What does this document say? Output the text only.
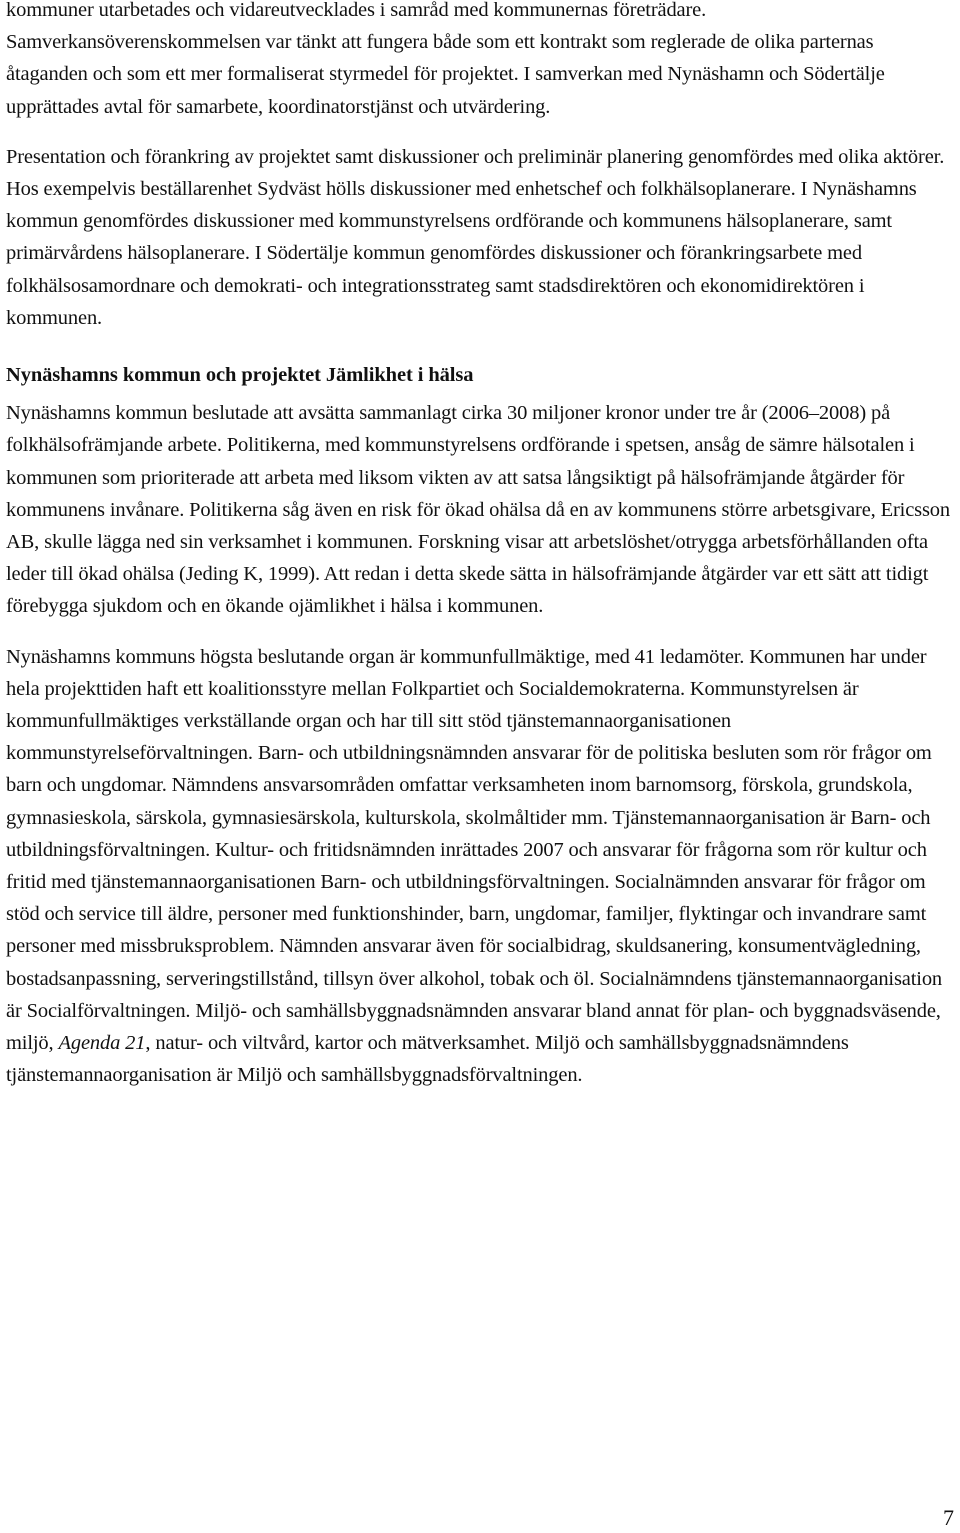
kommuner utarbetades och vidareutvecklades i samråd med kommunernas företrädare. Samverkansöverenskommelsen var tänkt att fungera både som ett kontrakt som reglerade de olika parternas åtaganden och som ett mer formaliserat styrmedel för projektet. I samverkan med Nynäshamn och Södertälje upprättades avtal för samarbete, koordinatorstjänst och utvärdering.

Presentation och förankring av projektet samt diskussioner och preliminär planering genomfördes med olika aktörer. Hos exempelvis beställarenhet Sydväst hölls diskussioner med enhetschef och folkhälsoplanerare. I Nynäshamns kommun genomfördes diskussioner med kommunstyrelsens ordförande och kommunens hälsoplanerare, samt primärvårdens hälsoplanerare. I Södertälje kommun genomfördes diskussioner och förankringsarbete med folkhälsosamordnare och demokrati- och integrationsstrateg samt stadsdirektören och ekonomidirektören i kommunen.

Nynäshamns kommun och projektet Jämlikhet i hälsa

Nynäshamns kommun beslutade att avsätta sammanlagt cirka 30 miljoner kronor under tre år (2006–2008) på folkhälsofrämjande arbete. Politikerna, med kommunstyrelsens ordförande i spetsen, ansåg de sämre hälsotalen i kommunen som prioriterade att arbeta med liksom vikten av att satsa långsiktigt på hälsofrämjande åtgärder för kommunens invånare. Politikerna såg även en risk för ökad ohälsa då en av kommunens större arbetsgivare, Ericsson AB, skulle lägga ned sin verksamhet i kommunen. Forskning visar att arbetslöshet/otrygga arbetsförhållanden ofta leder till ökad ohälsa (Jeding K, 1999). Att redan i detta skede sätta in hälsofrämjande åtgärder var ett sätt att tidigt förebygga sjukdom och en ökande ojämlikhet i hälsa i kommunen.

Nynäshamns kommuns högsta beslutande organ är kommunfullmäktige, med 41 ledamöter. Kommunen har under hela projekttiden haft ett koalitionsstyre mellan Folkpartiet och Socialdemokraterna. Kommunstyrelsen är kommunfullmäktiges verkställande organ och har till sitt stöd tjänstemannaorganisationen kommunstyrelseförvaltningen. Barn- och utbildningsnämnden ansvarar för de politiska besluten som rör frågor om barn och ungdomar. Nämndens ansvarsområden omfattar verksamheten inom barnomsorg, förskola, grundskola, gymnasieskola, särskola, gymnasiesärskola, kulturskola, skolmåltider mm. Tjänstemannaorganisation är Barn- och utbildningsförvaltningen. Kultur- och fritidsnämnden inrättades 2007 och ansvarar för frågorna som rör kultur och fritid med tjänstemannaorganisationen Barn- och utbildningsförvaltningen. Socialnämnden ansvarar för frågor om stöd och service till äldre, personer med funktionshinder, barn, ungdomar, familjer, flyktingar och invandrare samt personer med missbruksproblem. Nämnden ansvarar även för socialbidrag, skuldsanering, konsumentvägledning, bostadsanpassning, serveringstillstånd, tillsyn över alkohol, tobak och öl. Socialnämndens tjänstemannaorganisation är Socialförvaltningen. Miljö- och samhällsbyggnadsnämnden ansvarar bland annat för plan- och byggnadsväsende, miljö, Agenda 21, natur- och viltvård, kartor och mätverksamhet. Miljö och samhällsbyggnadsnämndens tjänstemannaorganisation är Miljö och samhällsbyggnadsförvaltningen.

7
